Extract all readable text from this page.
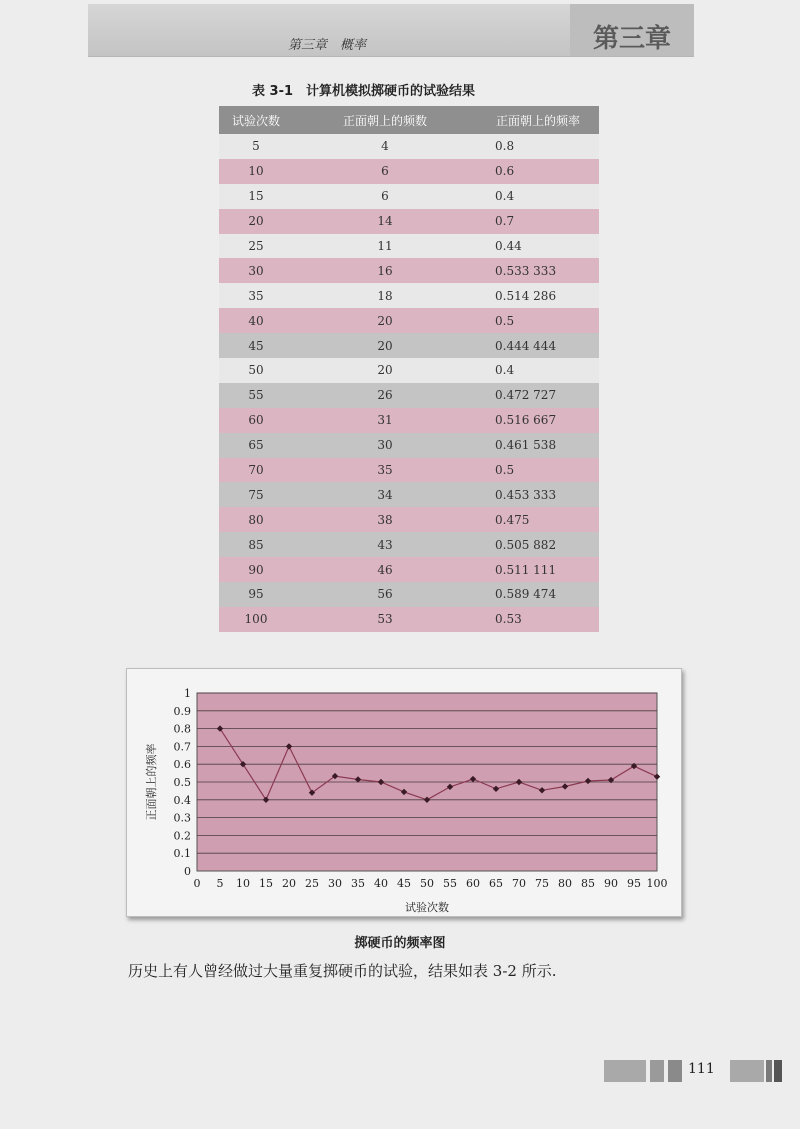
第三章　概率	第三章
表 3-1　计算机模拟掷硬币的试验结果
试验次数	正面朝上的频数	正面朝上的频率
5	4	0.8
10	6	0.6
15	6	0.4
20	14	0.7
25	11	0.44
30	16	0.533 333
35	18	0.514 286
40	20	0.5
45	20	0.444 444
50	20	0.4
55	26	0.472 727
60	31	0.516 667
65	30	0.461 538
70	35	0.5
75	34	0.453 333
80	38	0.475
85	43	0.505 882
90	46	0.511 111
95	56	0.589 474
100	53	0.53
0
0.1
0.2
0.3
0.4
0.5
0.6
0.7
0.8
0.9
1
0 5 10 15 20 25 30 35 40 45 50 55 60 65 70 75 80 85 90 95 100
试验次数
正面朝上的频率
掷硬币的频率图
历史上有人曾经做过大量重复掷硬币的试验，结果如表 3-2 所示.
111
